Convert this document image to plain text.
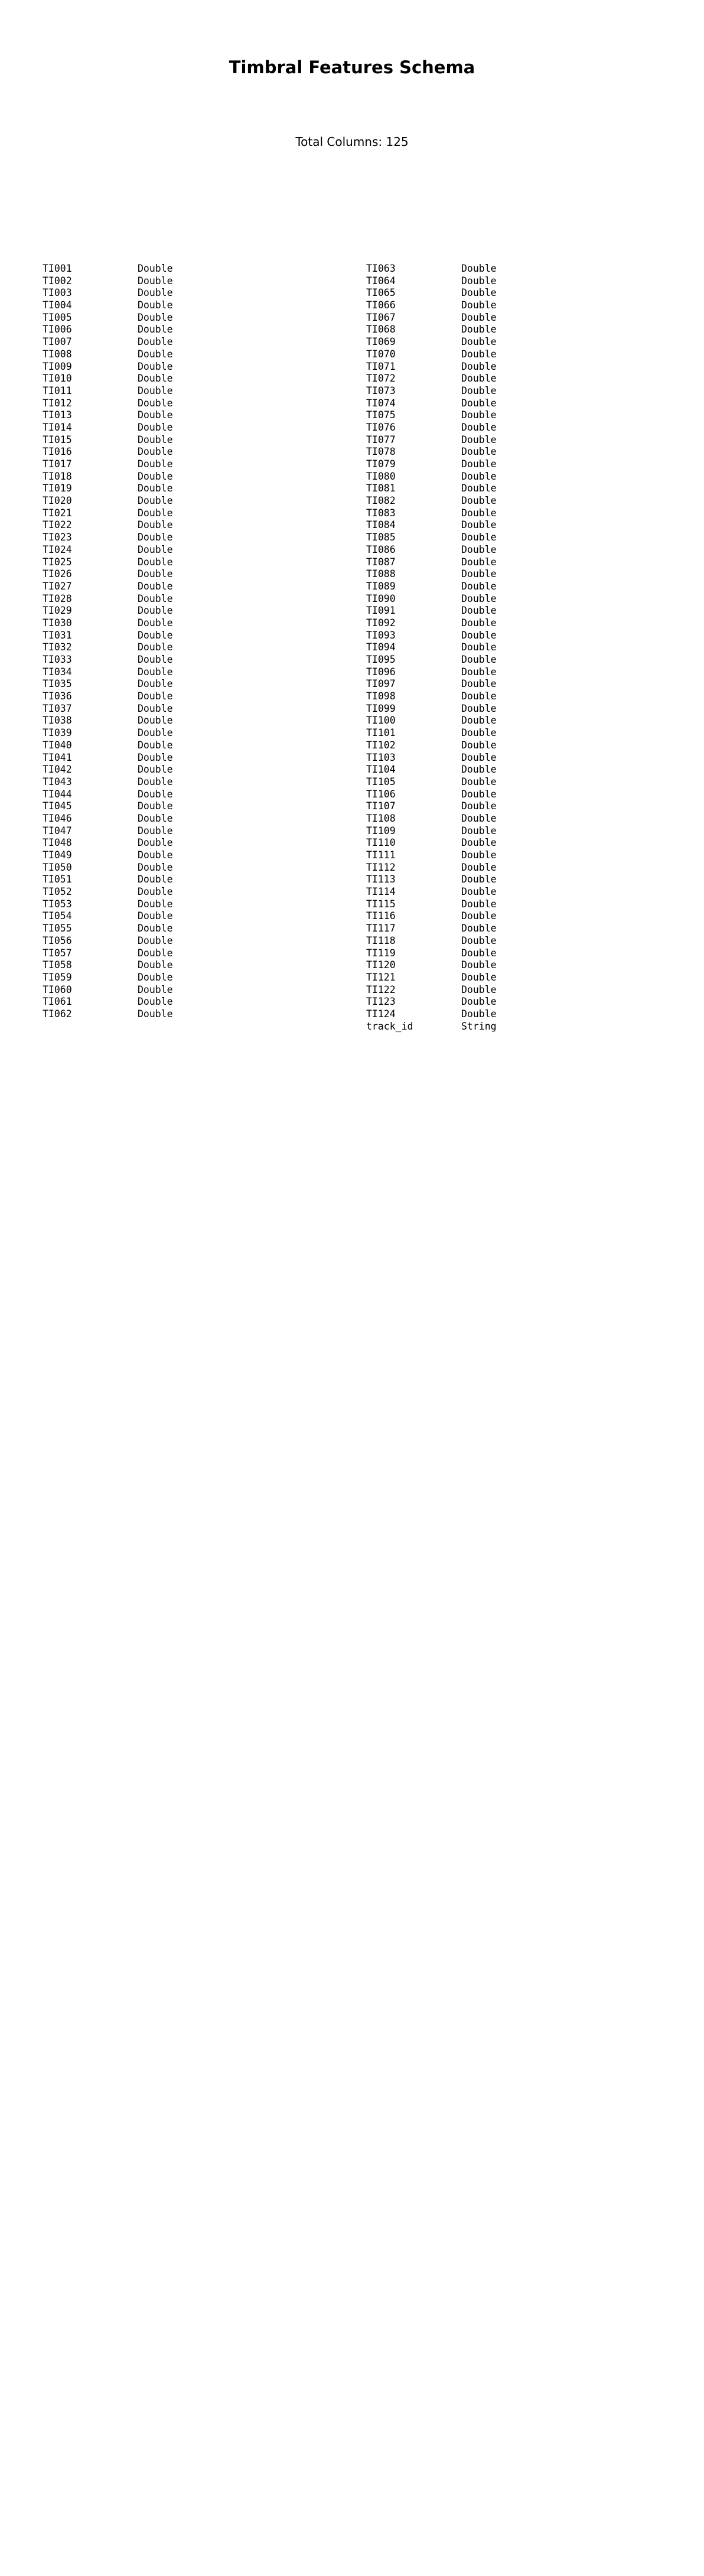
Timbral Features Schema

Total Columns: 125

TI001	Double
TI002	Double
TI003	Double
TI004	Double
TI005	Double
TI006	Double
TI007	Double
TI008	Double
TI009	Double
TI010	Double
TI011	Double
TI012	Double
TI013	Double
TI014	Double
TI015	Double
TI016	Double
TI017	Double
TI018	Double
TI019	Double
TI020	Double
TI021	Double
TI022	Double
TI023	Double
TI024	Double
TI025	Double
TI026	Double
TI027	Double
TI028	Double
TI029	Double
TI030	Double
TI031	Double
TI032	Double
TI033	Double
TI034	Double
TI035	Double
TI036	Double
TI037	Double
TI038	Double
TI039	Double
TI040	Double
TI041	Double
TI042	Double
TI043	Double
TI044	Double
TI045	Double
TI046	Double
TI047	Double
TI048	Double
TI049	Double
TI050	Double
TI051	Double
TI052	Double
TI053	Double
TI054	Double
TI055	Double
TI056	Double
TI057	Double
TI058	Double
TI059	Double
TI060	Double
TI061	Double
TI062	Double
TI063	Double
TI064	Double
TI065	Double
TI066	Double
TI067	Double
TI068	Double
TI069	Double
TI070	Double
TI071	Double
TI072	Double
TI073	Double
TI074	Double
TI075	Double
TI076	Double
TI077	Double
TI078	Double
TI079	Double
TI080	Double
TI081	Double
TI082	Double
TI083	Double
TI084	Double
TI085	Double
TI086	Double
TI087	Double
TI088	Double
TI089	Double
TI090	Double
TI091	Double
TI092	Double
TI093	Double
TI094	Double
TI095	Double
TI096	Double
TI097	Double
TI098	Double
TI099	Double
TI100	Double
TI101	Double
TI102	Double
TI103	Double
TI104	Double
TI105	Double
TI106	Double
TI107	Double
TI108	Double
TI109	Double
TI110	Double
TI111	Double
TI112	Double
TI113	Double
TI114	Double
TI115	Double
TI116	Double
TI117	Double
TI118	Double
TI119	Double
TI120	Double
TI121	Double
TI122	Double
TI123	Double
TI124	Double
track_id	String
